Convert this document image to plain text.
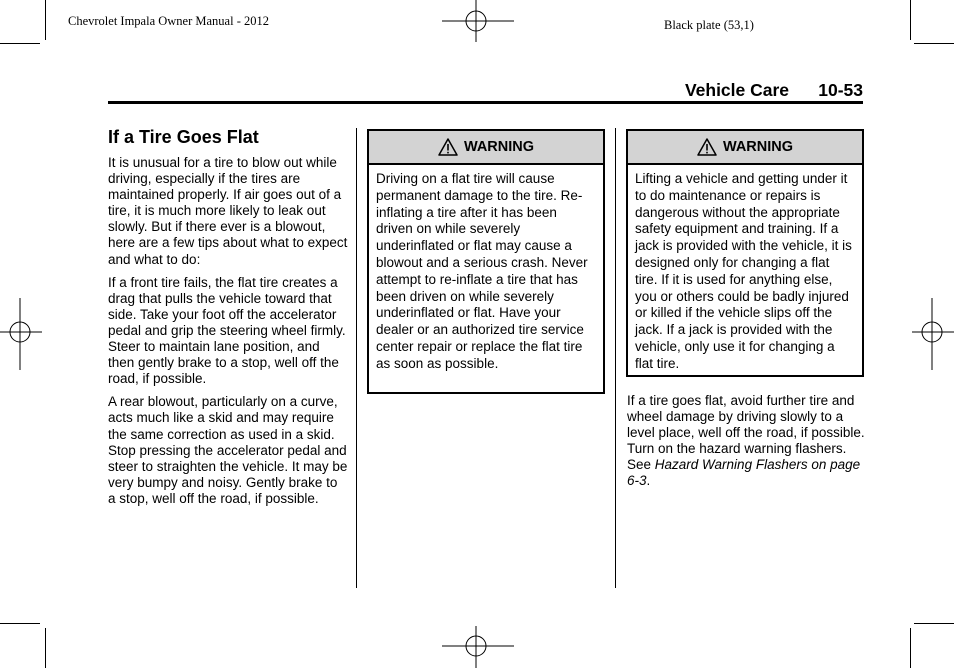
Chevrolet Impala Owner Manual - 2012	Black plate (53,1)
Vehicle Care 10-53
If a Tire Goes Flat

It is unusual for a tire to blow out while driving, especially if the tires are maintained properly. If air goes out of a tire, it is much more likely to leak out slowly. But if there ever is a blowout, here are a few tips about what to expect and what to do:

If a front tire fails, the flat tire creates a drag that pulls the vehicle toward that side. Take your foot off the accelerator pedal and grip the steering wheel firmly. Steer to maintain lane position, and then gently brake to a stop, well off the road, if possible.

A rear blowout, particularly on a curve, acts much like a skid and may require the same correction as used in a skid. Stop pressing the accelerator pedal and steer to straighten the vehicle. It may be very bumpy and noisy. Gently brake to a stop, well off the road, if possible.

WARNING
Driving on a flat tire will cause permanent damage to the tire. Re-inflating a tire after it has been driven on while severely underinflated or flat may cause a blowout and a serious crash. Never attempt to re-inflate a tire that has been driven on while severely underinflated or flat. Have your dealer or an authorized tire service center repair or replace the flat tire as soon as possible.
WARNING
Lifting a vehicle and getting under it to do maintenance or repairs is dangerous without the appropriate safety equipment and training. If a jack is provided with the vehicle, it is designed only for changing a flat tire. If it is used for anything else, you or others could be badly injured or killed if the vehicle slips off the jack. If a jack is provided with the vehicle, only use it for changing a flat tire.

If a tire goes flat, avoid further tire and wheel damage by driving slowly to a level place, well off the road, if possible. Turn on the hazard warning flashers. See Hazard Warning Flashers on page 6-3.
